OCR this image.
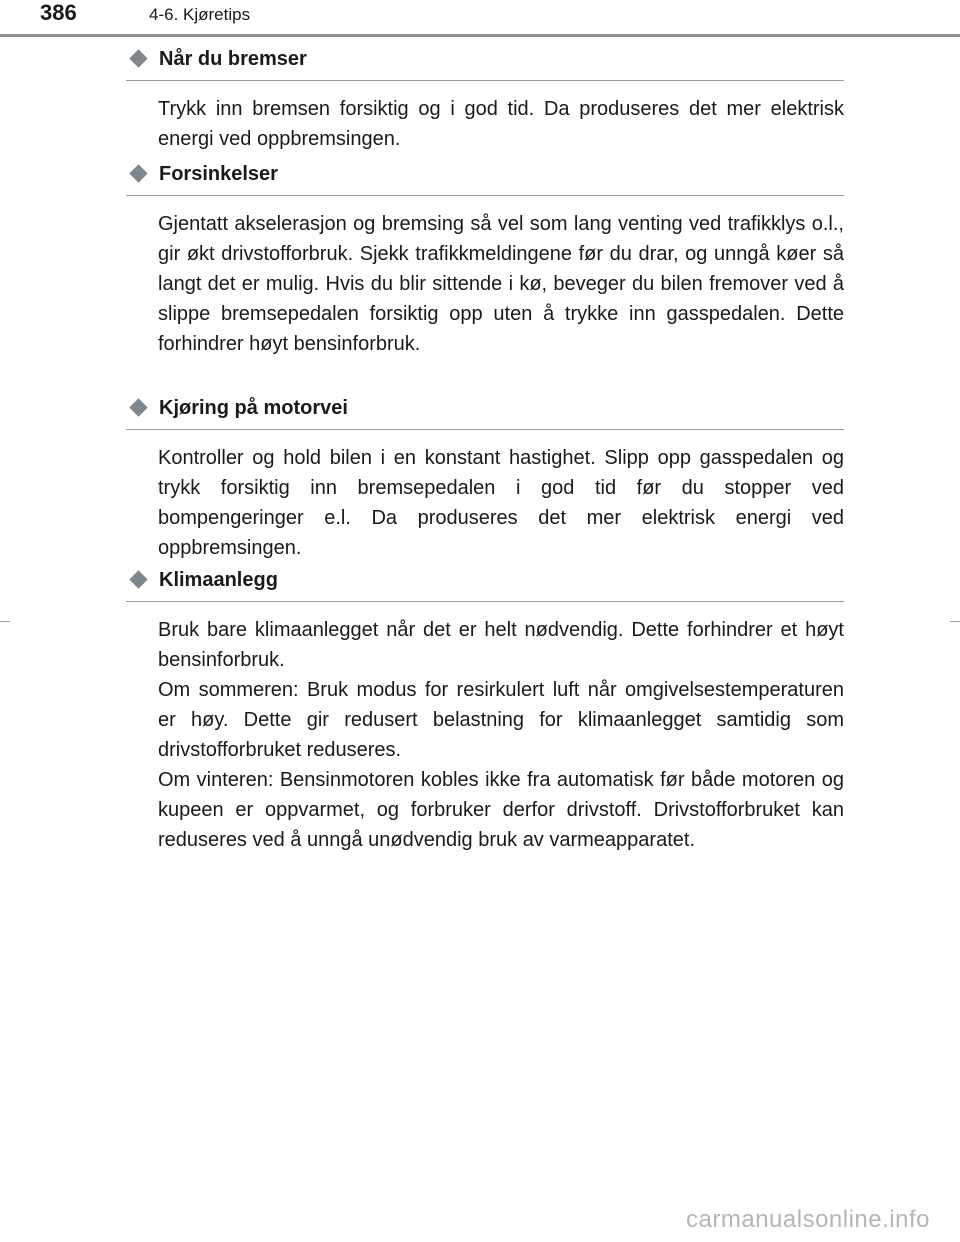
386	4-6. Kjøretips
Når du bremser

Trykk inn bremsen forsiktig og i god tid. Da produseres det mer elektrisk energi ved oppbremsingen.

Forsinkelser

Gjentatt akselerasjon og bremsing så vel som lang venting ved trafikklys o.l., gir økt drivstofforbruk. Sjekk trafikkmeldingene før du drar, og unngå køer så langt det er mulig. Hvis du blir sittende i kø, beveger du bilen fremover ved å slippe bremsepedalen forsiktig opp uten å trykke inn gasspedalen. Dette forhindrer høyt bensinforbruk.

Kjøring på motorvei

Kontroller og hold bilen i en konstant hastighet. Slipp opp gasspedalen og trykk forsiktig inn bremsepedalen i god tid før du stopper ved bompengeringer e.l. Da produseres det mer elektrisk energi ved oppbremsingen.

Klimaanlegg

Bruk bare klimaanlegget når det er helt nødvendig. Dette forhindrer et høyt bensinforbruk.
Om sommeren: Bruk modus for resirkulert luft når omgivelsestemperaturen er høy. Dette gir redusert belastning for klimaanlegget samtidig som drivstofforbruket reduseres.
Om vinteren: Bensinmotoren kobles ikke fra automatisk før både motoren og kupeen er oppvarmet, og forbruker derfor drivstoff. Drivstofforbruket kan reduseres ved å unngå unødvendig bruk av varmeapparatet.

carmanualsonline.info
